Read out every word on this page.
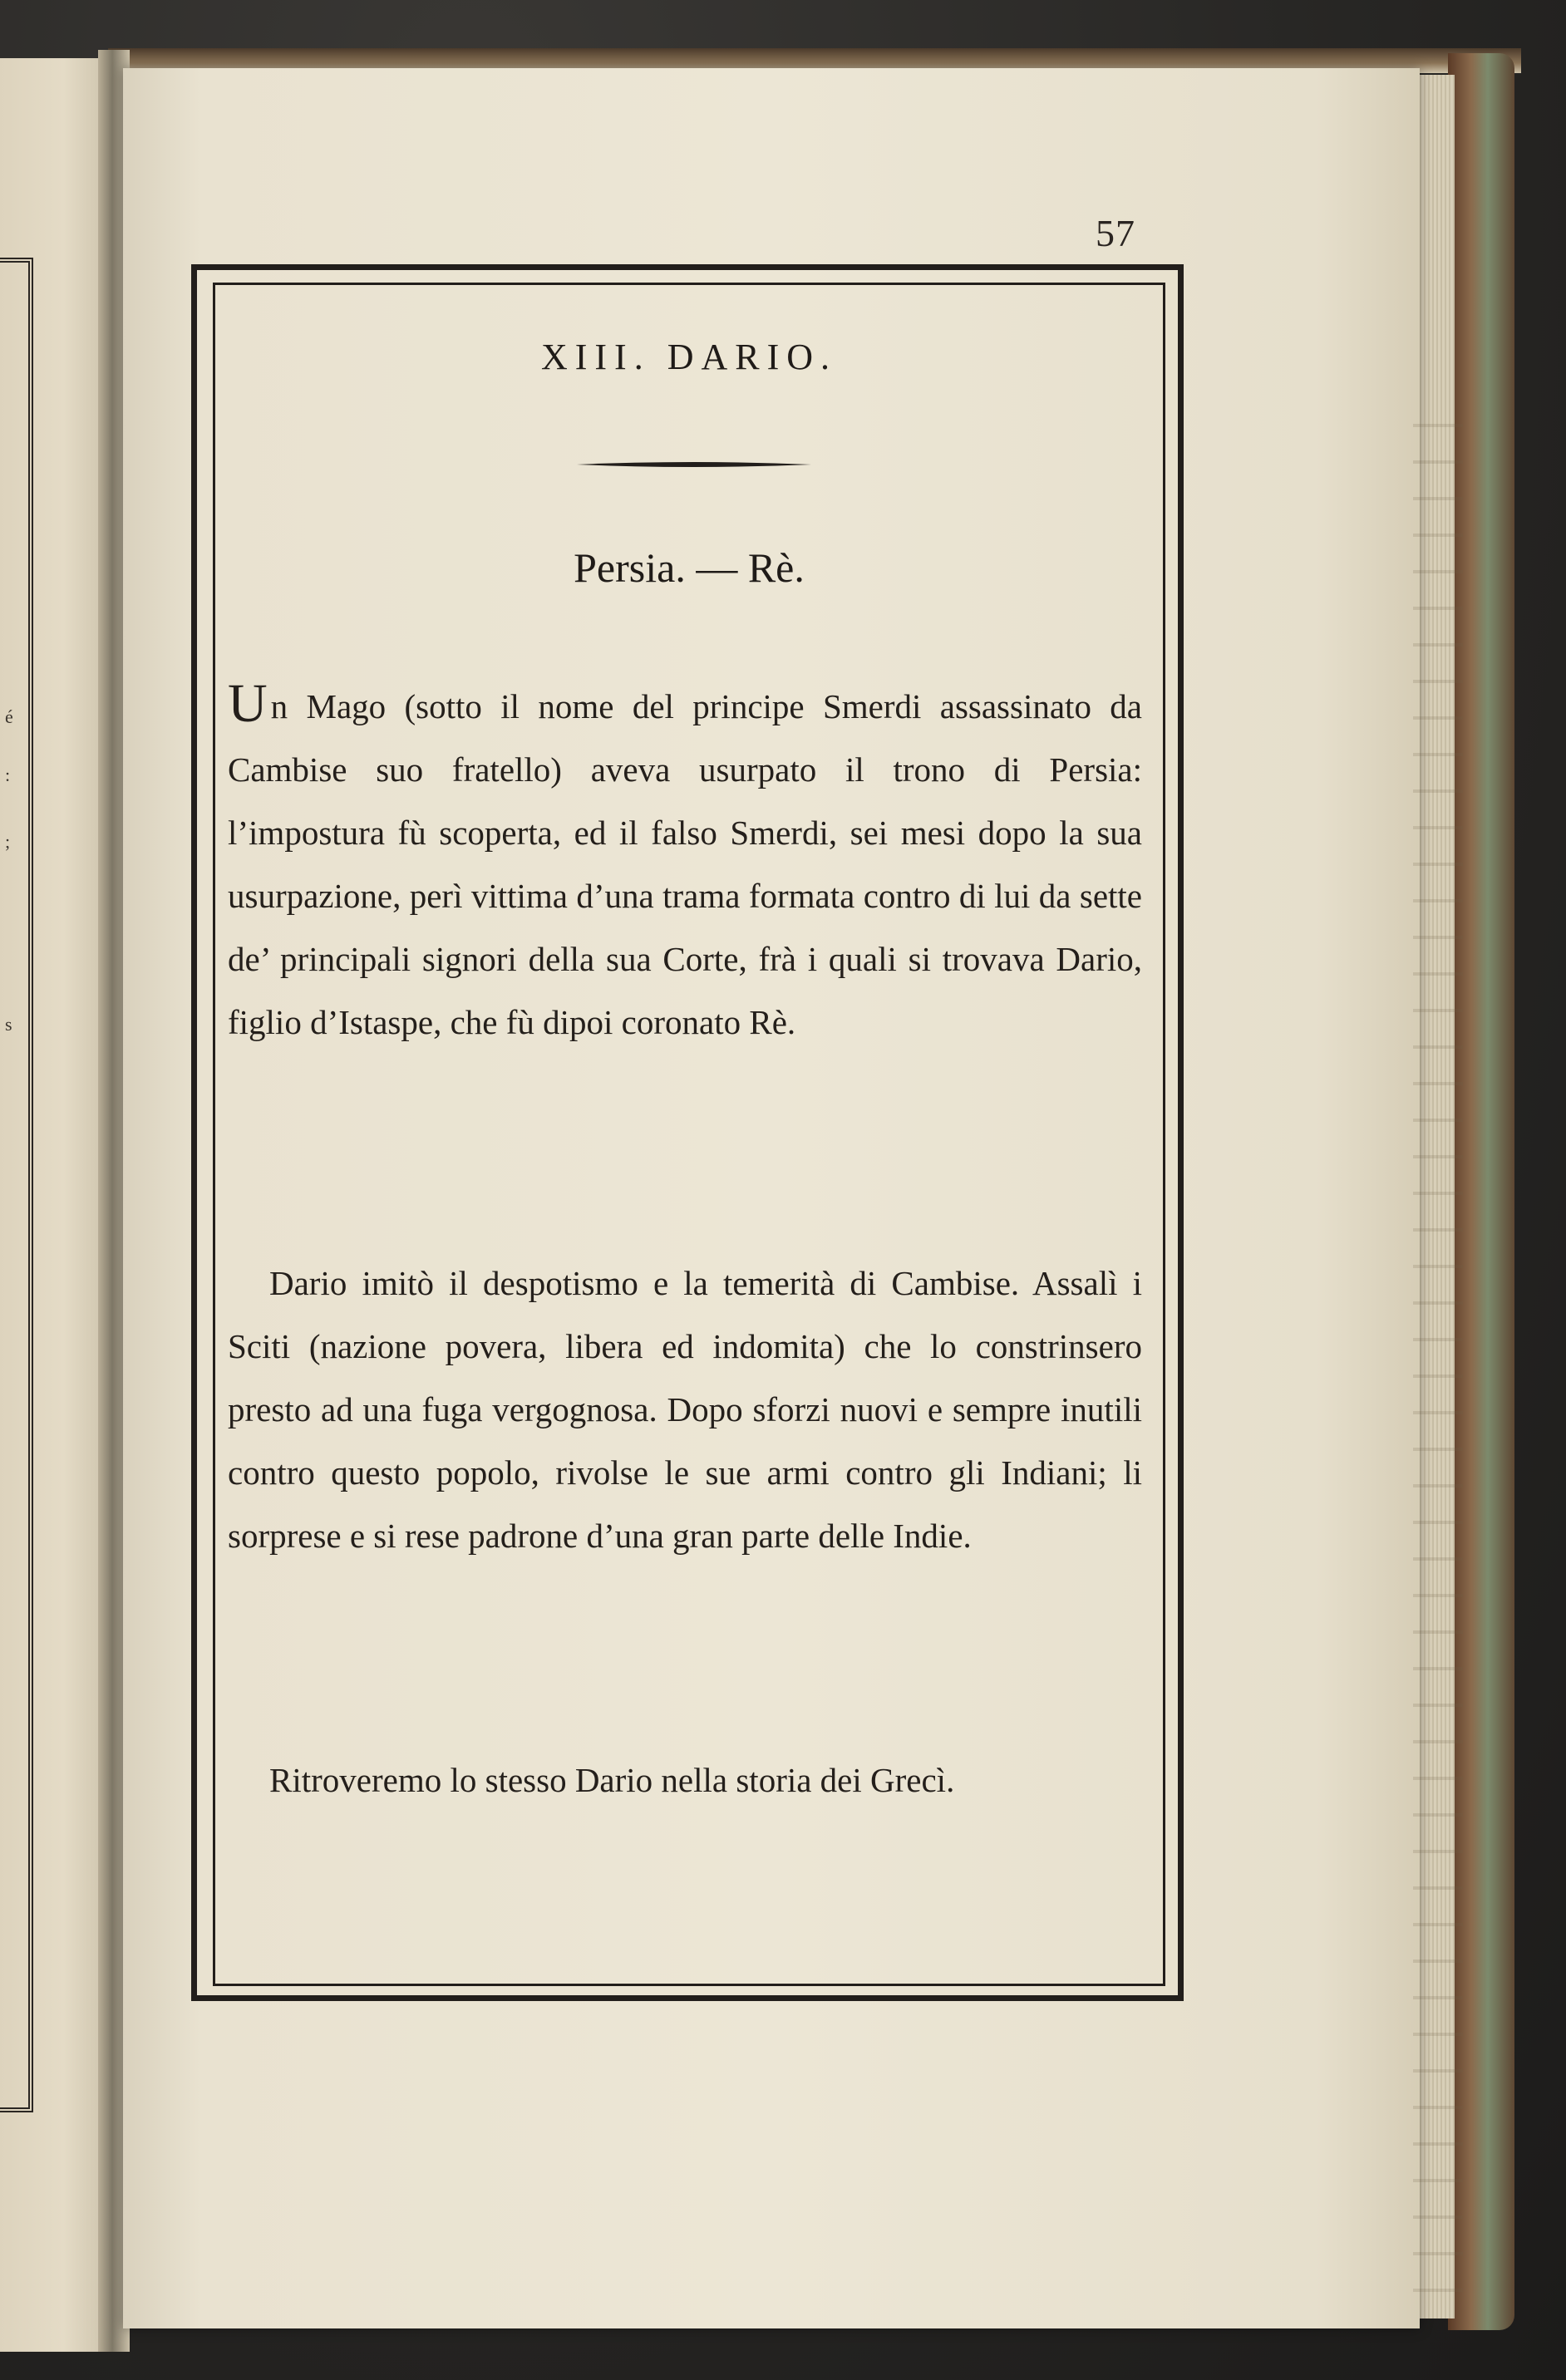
é
:
;
s
57
XIII. DARIO.
Persia. — Rè.
Un Mago (sotto il nome del principe Smerdi assassinato da Cambise suo fratello) aveva usurpato il trono di Persia: l’impostura fù scoperta, ed il falso Smerdi, sei mesi dopo la sua usurpazione, perì vittima d’una trama formata contro di lui da sette de’ principali signori della sua Corte, frà i quali si trovava Dario, figlio d’Istaspe, che fù dipoi coronato Rè.
Dario imitò il despotismo e la temerità di Cambise. Assalì i Sciti (nazione povera, libera ed indomita) che lo constrinsero presto ad una fuga vergognosa. Dopo sforzi nuovi e sempre inutili contro questo popolo, rivolse le sue armi contro gli Indiani; li sorprese e si rese padrone d’una gran parte delle Indie.
Ritroveremo lo stesso Dario nella storia dei Grecì.
